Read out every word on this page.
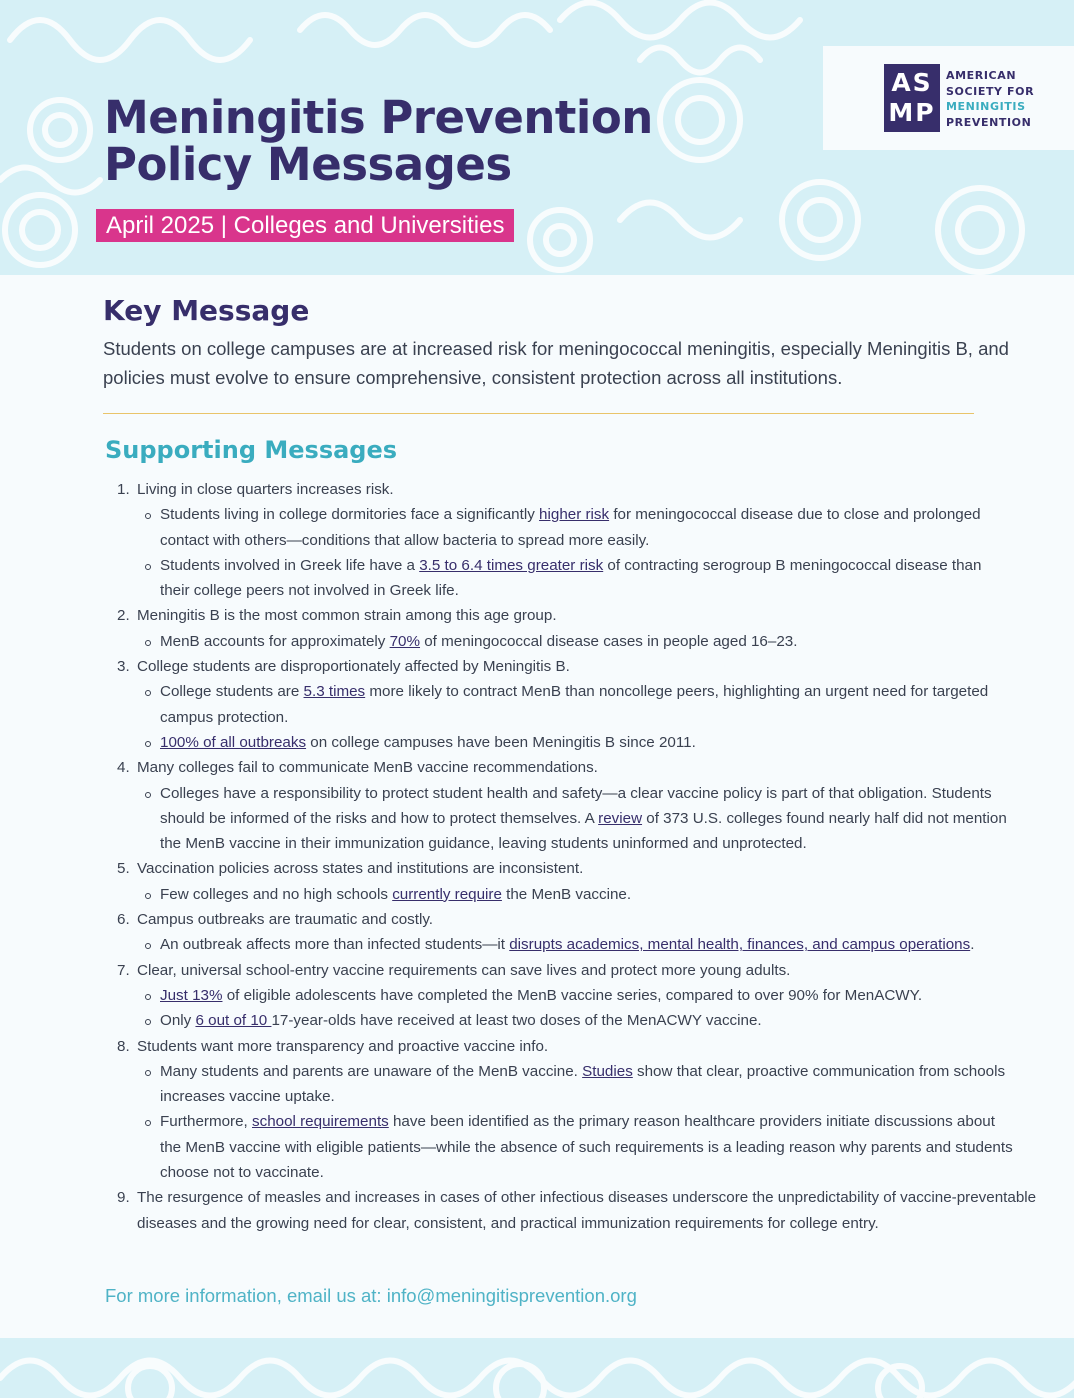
AS
MP
AMERICAN
SOCIETY FOR
MENINGITIS
PREVENTION
Meningitis Prevention
Policy Messages
April 2025 | Colleges and Universities
Key Message

Students on college campuses are at increased risk for meningococcal meningitis, especially Meningitis B, and policies must evolve to ensure comprehensive, consistent protection across all institutions.

Supporting Messages
1. Living in close quarters increases risk.
Students living in college dormitories face a significantly higher risk for meningococcal disease due to close and prolonged contact with others—conditions that allow bacteria to spread more easily.
Students involved in Greek life have a 3.5 to 6.4 times greater risk of contracting serogroup B meningococcal disease than their college peers not involved in Greek life.
2. Meningitis B is the most common strain among this age group.
MenB accounts for approximately 70% of meningococcal disease cases in people aged 16–23.
3. College students are disproportionately affected by Meningitis B.
College students are 5.3 times more likely to contract MenB than noncollege peers, highlighting an urgent need for targeted campus protection.
100% of all outbreaks on college campuses have been Meningitis B since 2011.
4. Many colleges fail to communicate MenB vaccine recommendations.
Colleges have a responsibility to protect student health and safety—a clear vaccine policy is part of that obligation. Students should be informed of the risks and how to protect themselves. A review of 373 U.S. colleges found nearly half did not mention the MenB vaccine in their immunization guidance, leaving students uninformed and unprotected.
5. Vaccination policies across states and institutions are inconsistent.
Few colleges and no high schools currently require the MenB vaccine.
6. Campus outbreaks are traumatic and costly.
An outbreak affects more than infected students—it disrupts academics, mental health, finances, and campus operations.
7. Clear, universal school-entry vaccine requirements can save lives and protect more young adults.
Just 13% of eligible adolescents have completed the MenB vaccine series, compared to over 90% for MenACWY.
Only 6 out of 10 17-year-olds have received at least two doses of the MenACWY vaccine.
8. Students want more transparency and proactive vaccine info.
Many students and parents are unaware of the MenB vaccine. Studies show that clear, proactive communication from schools increases vaccine uptake.
Furthermore, school requirements have been identified as the primary reason healthcare providers initiate discussions about the MenB vaccine with eligible patients—while the absence of such requirements is a leading reason why parents and students choose not to vaccinate.
9. The resurgence of measles and increases in cases of other infectious diseases underscore the unpredictability of vaccine-preventable diseases and the growing need for clear, consistent, and practical immunization requirements for college entry.
For more information, email us at: info@meningitisprevention.org
